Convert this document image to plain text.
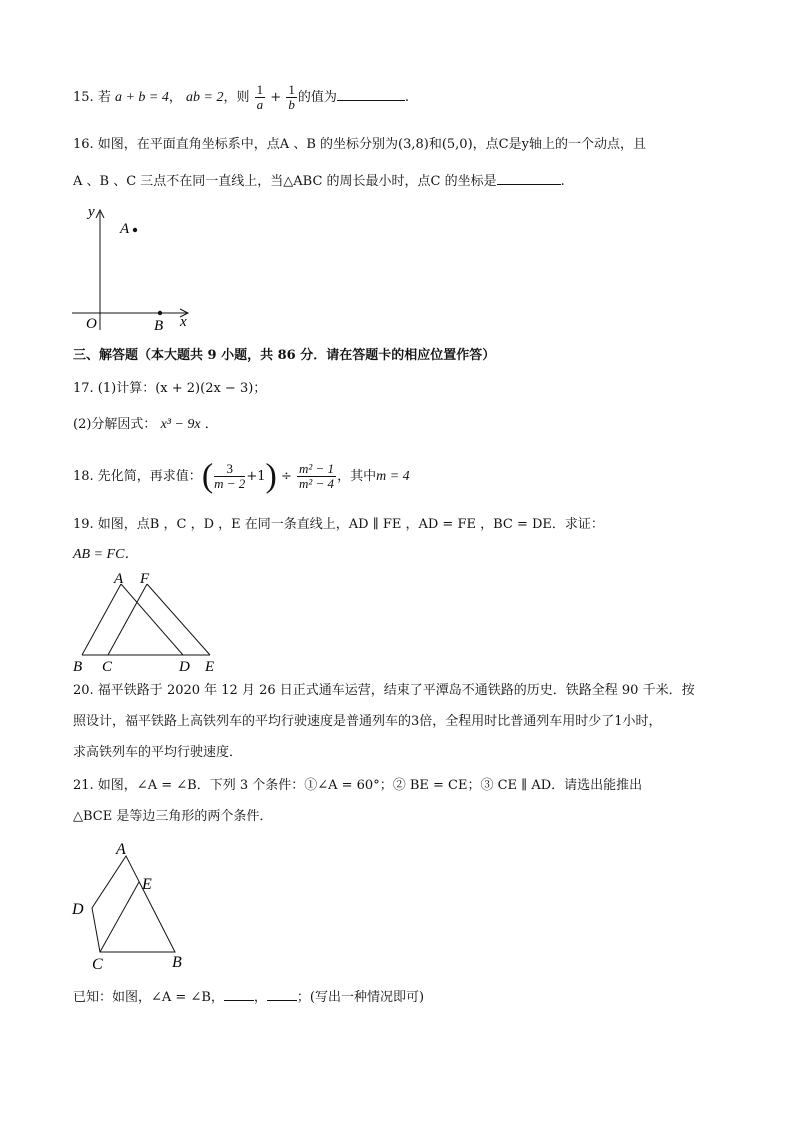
15. 若 a + b = 4， ab = 2，则 $\frac{1}{a} + \frac{1}{b}$ 的值为	.
16. 如图，在平面直角坐标系中，点A 、B 的坐标分别为(3,8)和(5,0)，点C是y轴上的一个动点，且
A 、B 、C 三点不在同一直线上，当△ABC 的周长最小时，点C 的坐标是	.
y
x
O
A
B
三、解答题（本大题共 9 小题，共 86 分．请在答题卡的相应位置作答）
17. (1)计算：(x + 2)(2x − 3)；
(2)分解因式： x³ − 9x ．
18. 先化简，再求值：( $\frac{3}{m - 2} +1) \div \frac{\text{m² − 1}}{\text{m² − 4}}$ ，其中m = 4
19. 如图，点B ，C ，D ，E 在同一条直线上，AD ∥ FE ，AD = FE ，BC = DE．求证：
AB = FC．
A F
B C	D E
20. 福平铁路于 2020 年 12 月 26 日正式通车运营，结束了平潭岛不通铁路的历史．铁路全程 90 千米．按
照设计，福平铁路上高铁列车的平均行驶速度是普通列车的3倍，全程用时比普通列车用时少了1小时，
求高铁列车的平均行驶速度．
21. 如图，∠A = ∠B．下列 3 个条件：①∠A = 60°；② BE = CE；③ CE ∥ AD．请选出能推出
△BCE 是等边三角形的两个条件．
A
E
D
C	B
已知：如图，∠A = ∠B， ， ；(写出一种情况即可)
